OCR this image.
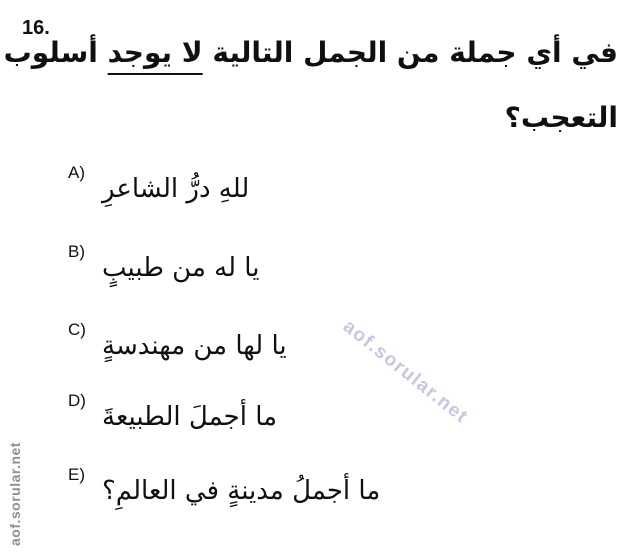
16.
في أي جملة من الجمل التالية لا يوجد أسلوب
التعجب؟
A)
للهِ درُّ الشاعرِ
B)
يا له من طبيبٍ
C)
يا لها من مهندسةٍ
D)
ما أجملَ الطبيعةَ
E)
ما أجملُ مدينةٍ في العالمِ؟
aof.sorular.net
aof.sorular.net
